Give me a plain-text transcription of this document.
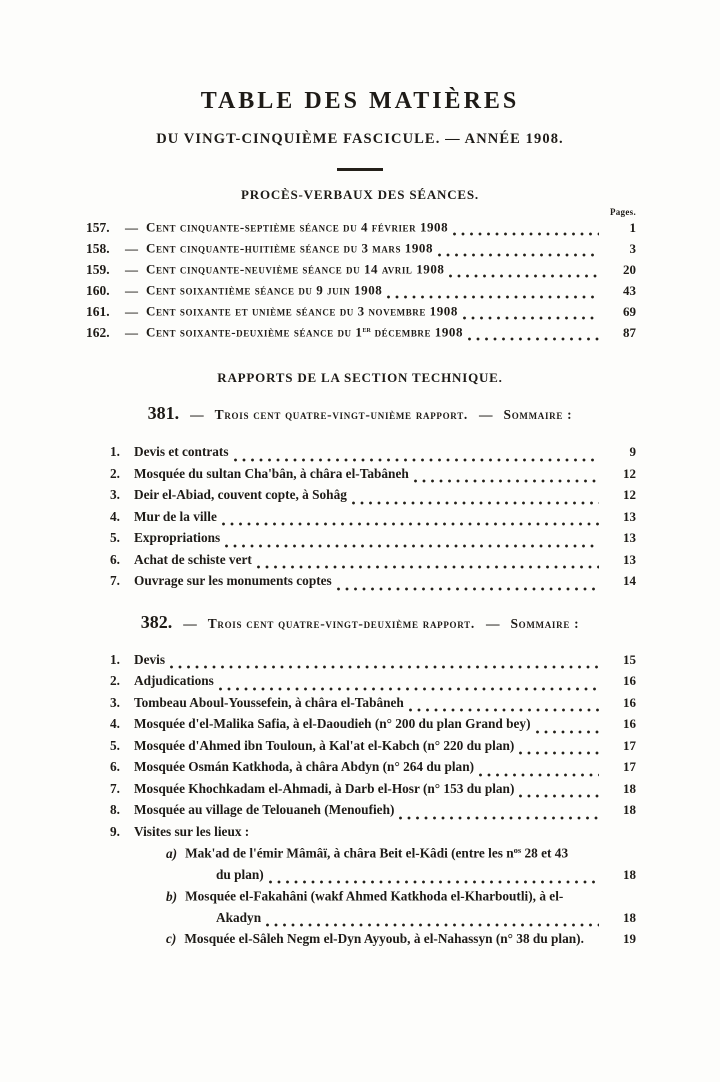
TABLE DES MATIÈRES
DU VINGT-CINQUIÈME FASCICULE. — ANNÉE 1908.
PROCÈS-VERBAUX DES SÉANCES.
Pages.
157.	— Cent cinquante-septième séance du 4 février 1908	1
158.	— Cent cinquante-huitième séance du 3 mars 1908	3
159.	— Cent cinquante-neuvième séance du 14 avril 1908	20
160.	— Cent soixantième séance du 9 juin 1908	43
161.	— Cent soixante et unième séance du 3 novembre 1908	69
162.	— Cent soixante-deuxième séance du 1er décembre 1908	87
RAPPORTS DE LA SECTION TECHNIQUE.
381. — Trois cent quatre-vingt-unième rapport. — Sommaire :
1. Devis et contrats	9
2. Mosquée du sultan Cha'bân, à châra el-Tabâneh	12
3. Deir el-Abiad, couvent copte, à Sohâg	12
4. Mur de la ville	13
5. Expropriations	13
6. Achat de schiste vert	13
7. Ouvrage sur les monuments coptes	14
382. — Trois cent quatre-vingt-deuxième rapport. — Sommaire :
1. Devis	15
2. Adjudications	16
3. Tombeau Aboul-Youssefein, à châra el-Tabâneh	16
4. Mosquée d'el-Malika Safia, à el-Daoudieh (n° 200 du plan Grand bey)	16
5. Mosquée d'Ahmed ibn Touloun, à Kal'at el-Kabch (n° 220 du plan)	17
6. Mosquée Osmán Katkhoda, à châra Abdyn (n° 264 du plan)	17
7. Mosquée Khochkadam el-Ahmadi, à Darb el-Hosr (n° 153 du plan)	18
8. Mosquée au village de Telouaneh (Menoufieh)	18
9. Visites sur les lieux :
a) Mak'ad de l'émir Mâmâï, à châra Beit el-Kâdi (entre les $n^{os}$ 28 et 43
du plan)	18
b) Mosquée el-Fakahâni (wakf Ahmed Katkhoda el-Kharboutli), à el-
Akadyn	18
c) Mosquée el-Sâleh Negm el-Dyn Ayyoub, à el-Nahassyn (n° 38 du plan).	19
